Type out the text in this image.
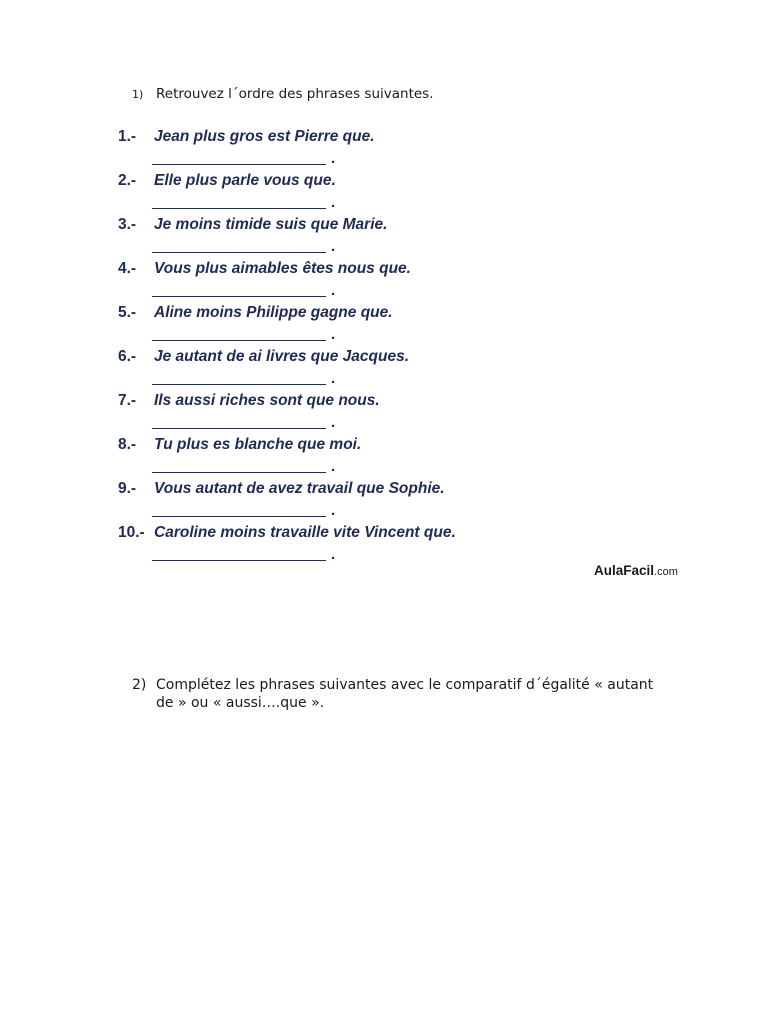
1) Retrouvez l´ordre des phrases suivantes.
1.- Jean plus gros est Pierre que.
.
2.- Elle plus parle vous que.
.
3.- Je moins timide suis que Marie.
.
4.- Vous plus aimables êtes nous que.
.
5.- Aline moins Philippe gagne que.
.
6.- Je autant de ai livres que Jacques.
.
7.- Ils aussi riches sont que nous.
.
8.- Tu plus es blanche que moi.
.
9.- Vous autant de avez travail que Sophie.
.
10.- Caroline moins travaille vite Vincent que.
.
AulaFacil.com
2) Complétez les phrases suivantes avec le comparatif d´égalité « autant de » ou « aussi….que ».
